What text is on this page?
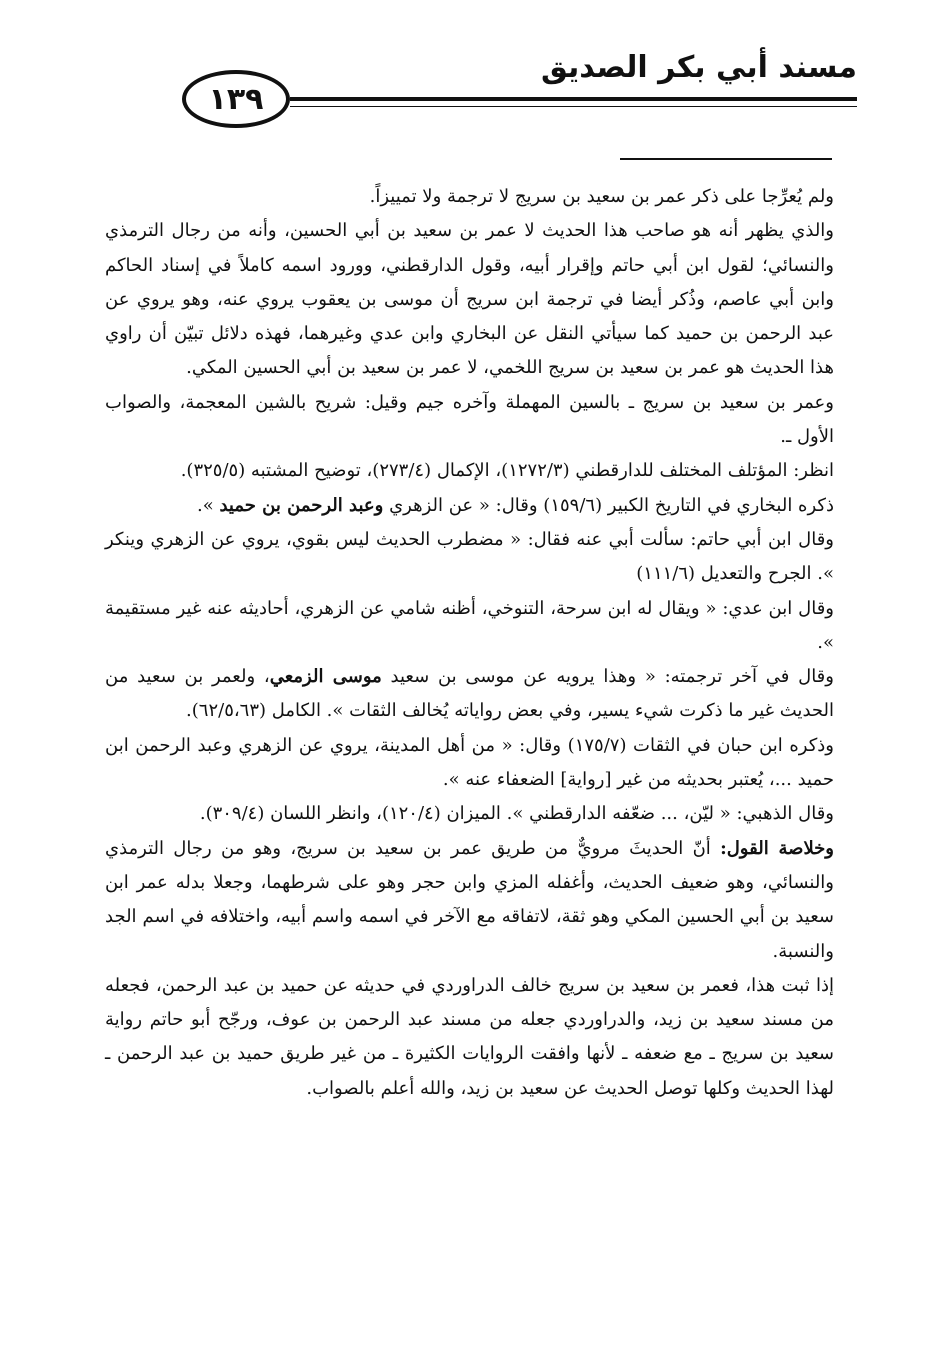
مسند أبي بكر الصديق
١٣٩

ولم يُعرِّجا على ذكر عمر بن سعيد بن سريج لا ترجمة ولا تمييزاً.

والذي يظهر أنه هو صاحب هذا الحديث لا عمر بن سعيد بن أبي الحسين، وأنه من رجال الترمذي والنسائي؛ لقول ابن أبي حاتم وإقرار أبيه، وقول الدارقطني، وورود اسمه كاملاً في إسناد الحاكم وابن أبي عاصم، وذُكر أيضا في ترجمة ابن سريج أن موسى بن يعقوب يروي عنه، وهو يروي عن عبد الرحمن بن حميد كما سيأتي النقل عن البخاري وابن عدي وغيرهما، فهذه دلائل تبيّن أن راوي هذا الحديث هو عمر بن سعيد بن سريج اللخمي، لا عمر بن سعيد بن أبي الحسين المكي.

وعمر بن سعيد بن سريج ـ بالسين المهملة وآخره جيم وقيل: شريح بالشين المعجمة، والصواب الأول ـ.

انظر: المؤتلف المختلف للدارقطني (١٢٧٢/٣)، الإكمال (٢٧٣/٤)، توضيح المشتبه (٣٢٥/٥).

ذكره البخاري في التاريخ الكبير (١٥٩/٦) وقال: « عن الزهري وعبد الرحمن بن حميد ».

وقال ابن أبي حاتم: سألت أبي عنه فقال: « مضطرب الحديث ليس بقوي، يروي عن الزهري وينكر ». الجرح والتعديل (١١١/٦)

وقال ابن عدي: « ويقال له ابن سرحة، التنوخي، أظنه شامي عن الزهري، أحاديثه عنه غير مستقيمة ».

وقال في آخر ترجمته: « وهذا يرويه عن موسى بن سعيد موسى الزمعي، ولعمر بن سعيد من الحديث غير ما ذكرت شيء يسير، وفي بعض رواياته يُخالف الثقات ». الكامل (٦٢/٥،٦٣).

وذكره ابن حبان في الثقات (١٧٥/٧) وقال: « من أهل المدينة، يروي عن الزهري وعبد الرحمن ابن حميد ...، يُعتبر بحديثه من غير [رواية] الضعفاء عنه ».

وقال الذهبي: « ليّن، ... ضعّفه الدارقطني ». الميزان (١٢٠/٤)، وانظر اللسان (٣٠٩/٤).

وخلاصة القول: أنّ الحديثَ مرويٌّ من طريق عمر بن سعيد بن سريج، وهو من رجال الترمذي والنسائي، وهو ضعيف الحديث، وأغفله المزي وابن حجر وهو على شرطهما، وجعلا بدله عمر ابن سعيد بن أبي الحسين المكي وهو ثقة، لاتفاقه مع الآخر في اسمه واسم أبيه، واختلافه في اسم الجد والنسبة.

إذا ثبت هذا، فعمر بن سعيد بن سريج خالف الدراوردي في حديثه عن حميد بن عبد الرحمن، فجعله من مسند سعيد بن زيد، والدراوردي جعله من مسند عبد الرحمن بن عوف، ورجّح أبو حاتم رواية سعيد بن سريج ـ مع ضعفه ـ لأنها وافقت الروايات الكثيرة ـ من غير طريق حميد بن عبد الرحمن ـ لهذا الحديث وكلها توصل الحديث عن سعيد بن زيد، والله أعلم بالصواب.
